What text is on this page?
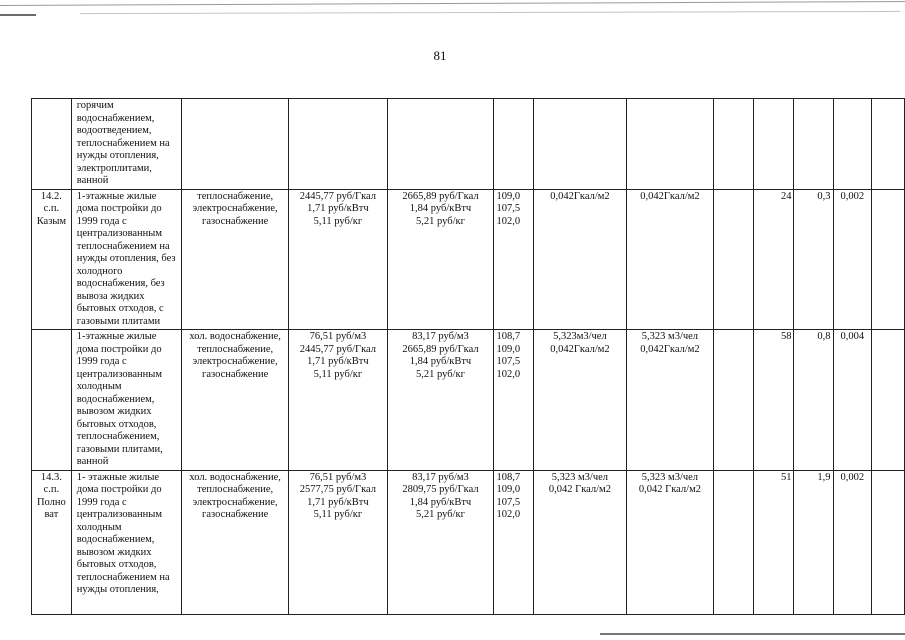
81
	горячим водоснабжением, водоотведением, теплоснабжением на нужды отопления, электроплитами, ванной											
14.2. с.п. Казым	1-этажные жилые дома постройки до 1999 года с централизованным теплоснабжением на нужды отопления, без холодного водоснабжения, без вывоза жидких бытовых отходов, с газовыми плитами	теплоснабжение, электроснабжение, газоснабжение	2445,77 руб/Гкал
1,71 руб/кВтч
5,11 руб/кг	2665,89 руб/Гкал
1,84 руб/кВтч
5,21 руб/кг	109,0
107,5
102,0	0,042Гкал/м2	0,042Гкал/м2		24	0,3	0,002	
	1-этажные жилые дома постройки до 1999 года с централизованным холодным водоснабжением, вывозом жидких бытовых отходов, теплоснабжением, газовыми плитами, ванной	хол. водоснабжение, теплоснабжение, электроснабжение, газоснабжение	76,51 руб/м3
2445,77 руб/Гкал
1,71 руб/кВтч
5,11 руб/кг	83,17 руб/м3
2665,89 руб/Гкал
1,84 руб/кВтч
5,21 руб/кг	108,7
109,0
107,5
102,0	5,323м3/чел
0,042Гкал/м2	5,323 м3/чел
0,042Гкал/м2		58	0,8	0,004	
14.3. с.п. Полно ват	1- этажные жилые дома постройки до 1999 года с централизованным холодным водоснабжением, вывозом жидких бытовых отходов, теплоснабжением на нужды отопления,	хол. водоснабжение, теплоснабжение, электроснабжение, газоснабжение	76,51 руб/м3
2577,75 руб/Гкал
1,71 руб/кВтч
5,11 руб/кг	83,17 руб/м3
2809,75 руб/Гкал
1,84 руб/кВтч
5,21 руб/кг	108,7
109,0
107,5
102,0	5,323 м3/чел
0,042 Гкал/м2	5,323 м3/чел
0,042 Гкал/м2		51	1,9	0,002	
